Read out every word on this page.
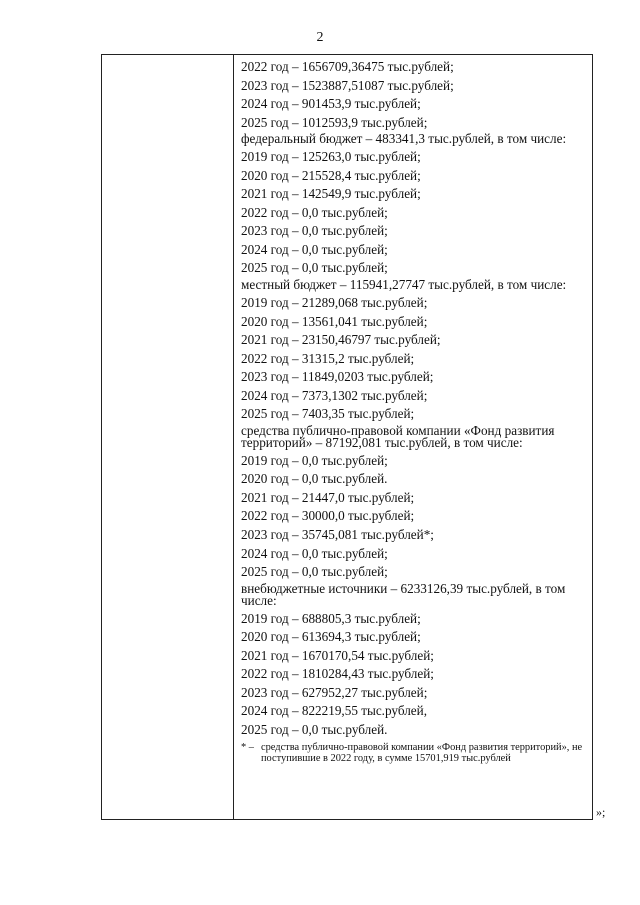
2

2022 год – 1656709,36475 тыс.рублей;
2023 год – 1523887,51087 тыс.рублей;
2024 год – 901453,9 тыс.рублей;
2025 год – 1012593,9 тыс.рублей;
федеральный бюджет – 483341,3 тыс.рублей, в том числе:
2019 год – 125263,0 тыс.рублей;
2020 год – 215528,4 тыс.рублей;
2021 год – 142549,9 тыс.рублей;
2022 год – 0,0 тыс.рублей;
2023 год – 0,0 тыс.рублей;
2024 год – 0,0 тыс.рублей;
2025 год – 0,0 тыс.рублей;
местный бюджет – 115941,27747 тыс.рублей, в том числе:
2019 год – 21289,068 тыс.рублей;
2020 год – 13561,041 тыс.рублей;
2021 год – 23150,46797 тыс.рублей;
2022 год – 31315,2 тыс.рублей;
2023 год – 11849,0203 тыс.рублей;
2024 год – 7373,1302 тыс.рублей;
2025 год – 7403,35 тыс.рублей;
средства публично-правовой компании «Фонд развития территорий» – 87192,081 тыс.рублей, в том числе:
2019 год – 0,0 тыс.рублей;
2020 год – 0,0 тыс.рублей.
2021 год – 21447,0 тыс.рублей;
2022 год – 30000,0 тыс.рублей;
2023 год – 35745,081 тыс.рублей*;
2024 год – 0,0 тыс.рублей;
2025 год – 0,0 тыс.рублей;
внебюджетные источники – 6233126,39 тыс.рублей, в том числе:
2019 год – 688805,3 тыс.рублей;
2020 год – 613694,3 тыс.рублей;
2021 год – 1670170,54 тыс.рублей;
2022 год – 1810284,43 тыс.рублей;
2023 год – 627952,27 тыс.рублей;
2024 год – 822219,55 тыс.рублей,
2025 год – 0,0 тыс.рублей.
* – средства публично-правовой компании «Фонд развития территорий», не поступившие в 2022 году, в сумме 15701,919 тыс.рублей
»;
